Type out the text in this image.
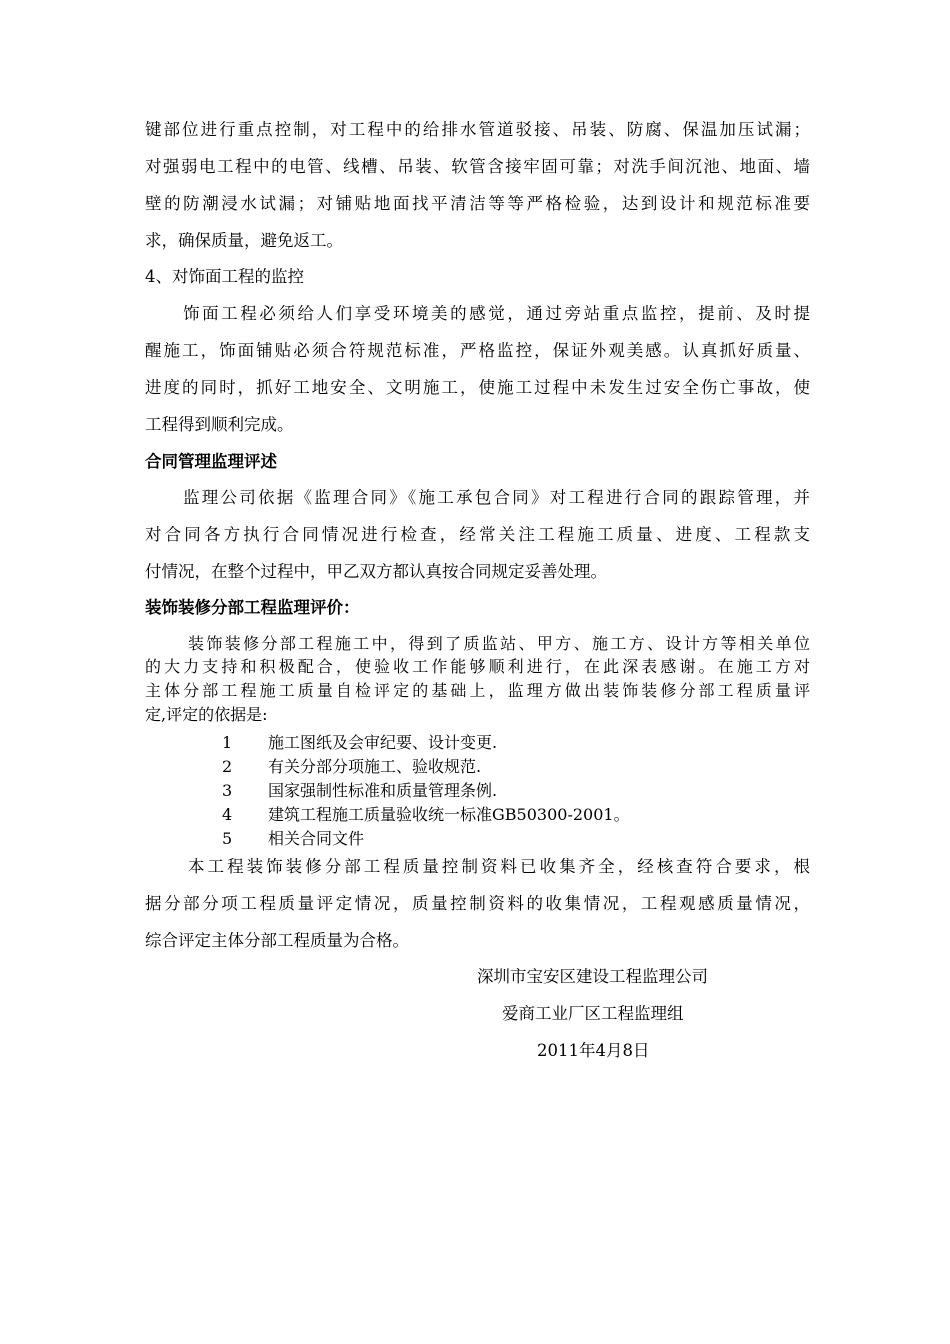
键部位进行重点控制，对工程中的给排水管道驳接、吊装、防腐、保温加压试漏；
对强弱电工程中的电管、线槽、吊装、软管含接牢固可靠；对洗手间沉池、地面、墙
壁的防潮浸水试漏；对铺贴地面找平清洁等等严格检验，达到设计和规范标准要
求，确保质量，避免返工。
4、对饰面工程的监控
饰面工程必须给人们享受环境美的感觉，通过旁站重点监控，提前、及时提
醒施工，饰面铺贴必须合符规范标准，严格监控，保证外观美感。认真抓好质量、
进度的同时，抓好工地安全、文明施工，使施工过程中未发生过安全伤亡事故，使
工程得到顺利完成。
合同管理监理评述
监理公司依据《监理合同》《施工承包合同》对工程进行合同的跟踪管理，并
对合同各方执行合同情况进行检查，经常关注工程施工质量、进度、工程款支
付情况，在整个过程中，甲乙双方都认真按合同规定妥善处理。
装饰装修分部工程监理评价：
装饰装修分部工程施工中，得到了质监站、甲方、施工方、设计方等相关单位
的大力支持和积极配合，使验收工作能够顺利进行，在此深表感谢。在施工方对
主体分部工程施工质量自检评定的基础上，监理方做出装饰装修分部工程质量评
定,评定的依据是:
1 施工图纸及会审纪要、设计变更.
2 有关分部分项施工、验收规范.
3 国家强制性标准和质量管理条例.
4 建筑工程施工质量验收统一标准GB50300-2001。
5 相关合同文件
本工程装饰装修分部工程质量控制资料已收集齐全，经核查符合要求，根
据分部分项工程质量评定情况，质量控制资料的收集情况，工程观感质量情况，
综合评定主体分部工程质量为合格。
深圳市宝安区建设工程监理公司
爱商工业厂区工程监理组
2011年4月8日
